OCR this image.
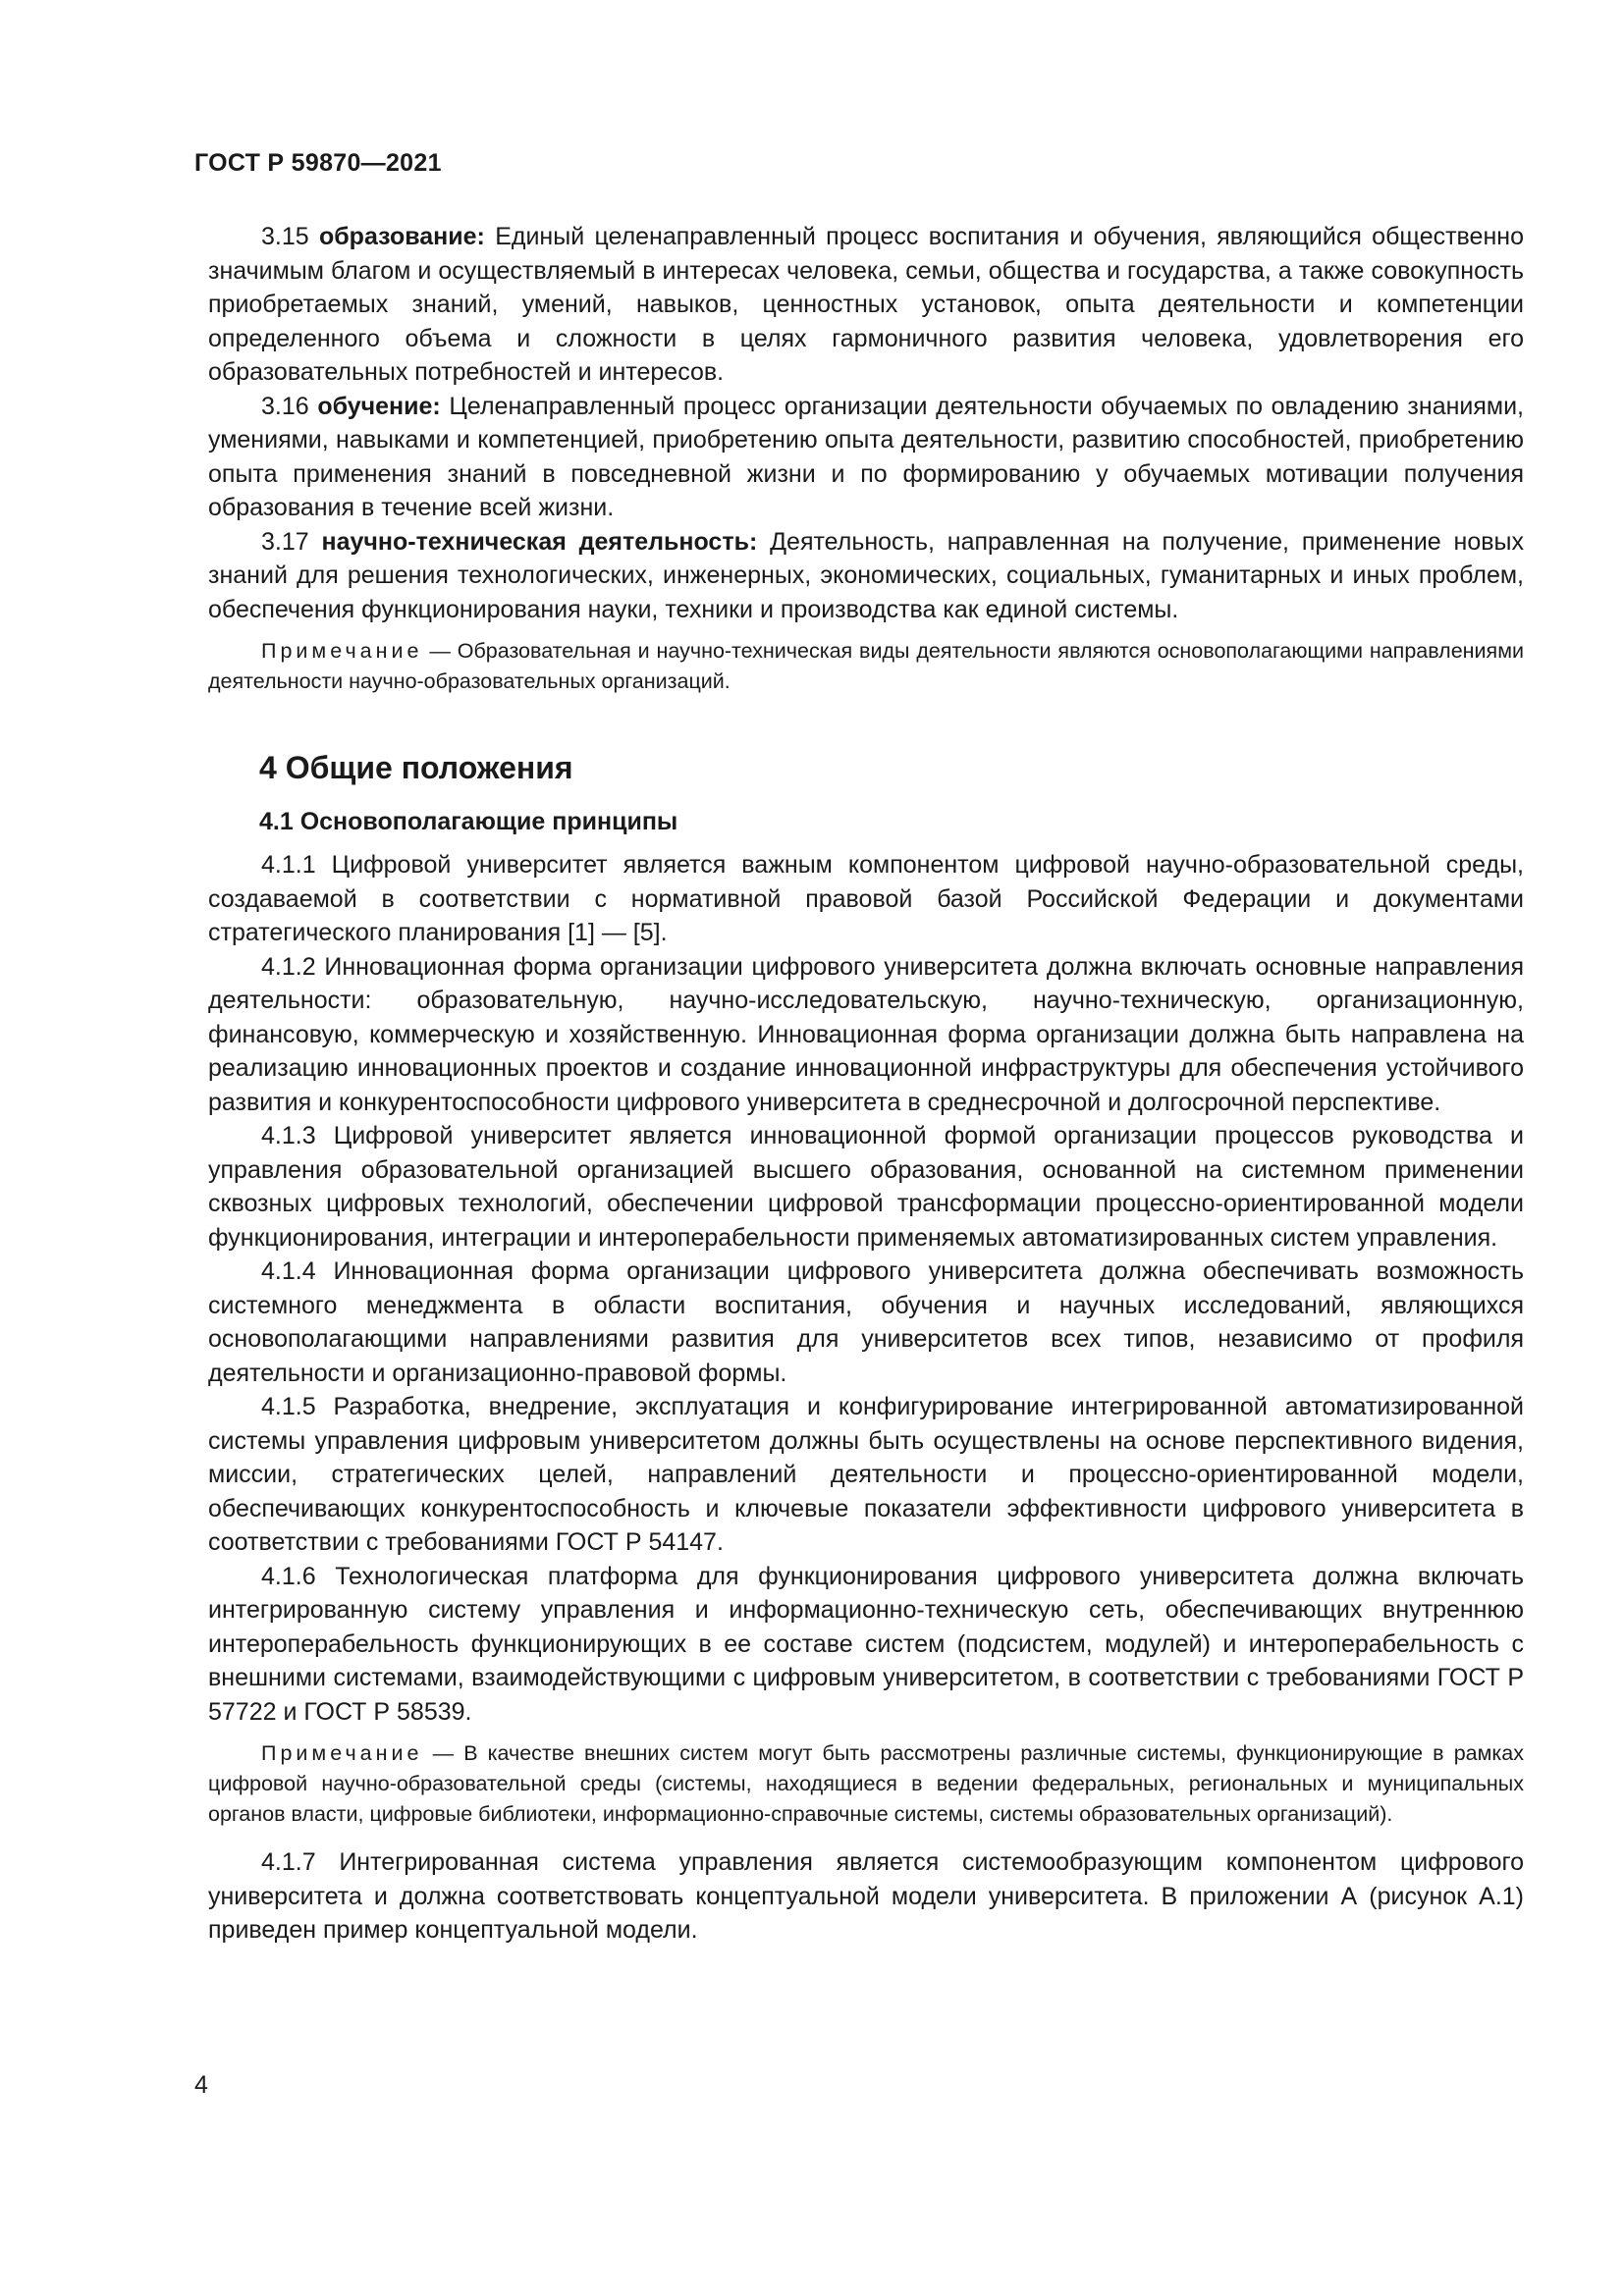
ГОСТ Р 59870—2021

3.15 образование: Единый целенаправленный процесс воспитания и обучения, являющийся общественно значимым благом и осуществляемый в интересах человека, семьи, общества и государства, а также совокупность приобретаемых знаний, умений, навыков, ценностных установок, опыта деятельности и компетенции определенного объема и сложности в целях гармоничного развития человека, удовлетворения его образовательных потребностей и интересов.

3.16 обучение: Целенаправленный процесс организации деятельности обучаемых по овладению знаниями, умениями, навыками и компетенцией, приобретению опыта деятельности, развитию способностей, приобретению опыта применения знаний в повседневной жизни и по формированию у обучаемых мотивации получения образования в течение всей жизни.

3.17 научно-техническая деятельность: Деятельность, направленная на получение, применение новых знаний для решения технологических, инженерных, экономических, социальных, гуманитарных и иных проблем, обеспечения функционирования науки, техники и производства как единой системы.

Примечание — Образовательная и научно-техническая виды деятельности являются основополагающими направлениями деятельности научно-образовательных организаций.

4 Общие положения
4.1 Основополагающие принципы

4.1.1 Цифровой университет является важным компонентом цифровой научно-образовательной среды, создаваемой в соответствии с нормативной правовой базой Российской Федерации и документами стратегического планирования [1] — [5].

4.1.2 Инновационная форма организации цифрового университета должна включать основные направления деятельности: образовательную, научно-исследовательскую, научно-техническую, организационную, финансовую, коммерческую и хозяйственную. Инновационная форма организации должна быть направлена на реализацию инновационных проектов и создание инновационной инфраструктуры для обеспечения устойчивого развития и конкурентоспособности цифрового университета в среднесрочной и долгосрочной перспективе.

4.1.3 Цифровой университет является инновационной формой организации процессов руководства и управления образовательной организацией высшего образования, основанной на системном применении сквозных цифровых технологий, обеспечении цифровой трансформации процессно-ориентированной модели функционирования, интеграции и интероперабельности применяемых автоматизированных систем управления.

4.1.4 Инновационная форма организации цифрового университета должна обеспечивать возможность системного менеджмента в области воспитания, обучения и научных исследований, являющихся основополагающими направлениями развития для университетов всех типов, независимо от профиля деятельности и организационно-правовой формы.

4.1.5 Разработка, внедрение, эксплуатация и конфигурирование интегрированной автоматизированной системы управления цифровым университетом должны быть осуществлены на основе перспективного видения, миссии, стратегических целей, направлений деятельности и процессно-ориентированной модели, обеспечивающих конкурентоспособность и ключевые показатели эффективности цифрового университета в соответствии с требованиями ГОСТ Р 54147.

4.1.6 Технологическая платформа для функционирования цифрового университета должна включать интегрированную систему управления и информационно-техническую сеть, обеспечивающих внутреннюю интероперабельность функционирующих в ее составе систем (подсистем, модулей) и интероперабельность с внешними системами, взаимодействующими с цифровым университетом, в соответствии с требованиями ГОСТ Р 57722 и ГОСТ Р 58539.

Примечание — В качестве внешних систем могут быть рассмотрены различные системы, функционирующие в рамках цифровой научно-образовательной среды (системы, находящиеся в ведении федеральных, региональных и муниципальных органов власти, цифровые библиотеки, информационно-справочные системы, системы образовательных организаций).

4.1.7 Интегрированная система управления является системообразующим компонентом цифрового университета и должна соответствовать концептуальной модели университета. В приложении А (рисунок А.1) приведен пример концептуальной модели.

4
